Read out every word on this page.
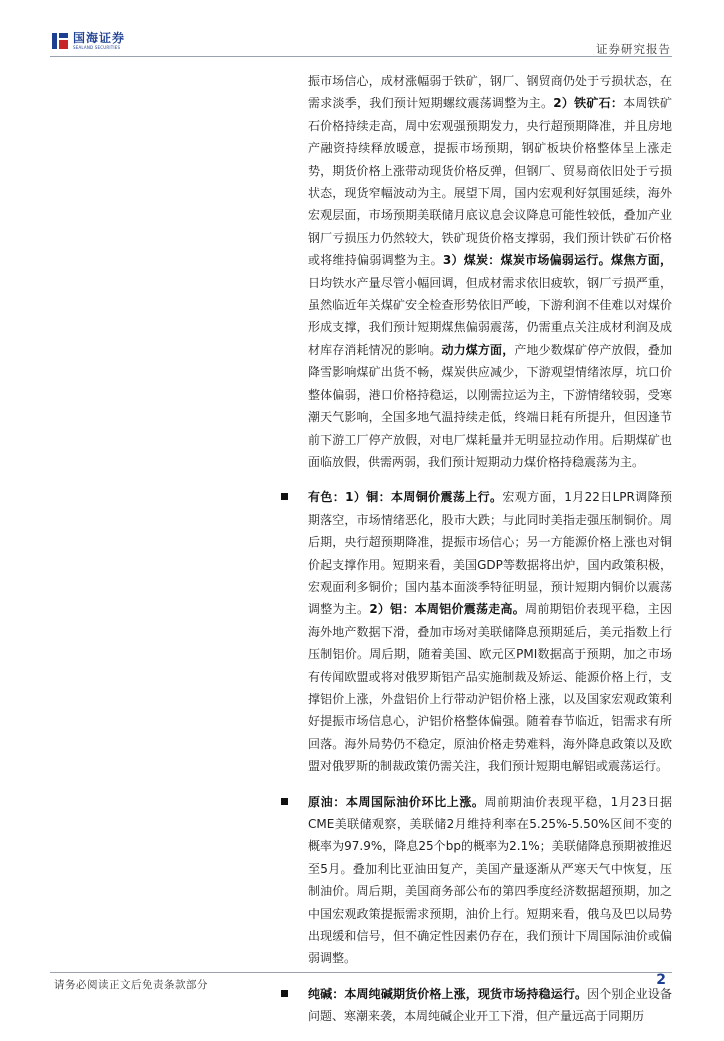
国海证券
SEALAND SECURITIES	证券研究报告
振市场信心，成材涨幅弱于铁矿，钢厂、钢贸商仍处于亏损状态，在需求淡季，我们预计短期螺纹震荡调整为主。2）铁矿石：本周铁矿石价格持续走高，周中宏观强预期发力，央行超预期降准，并且房地产融资持续释放暖意，提振市场预期，钢矿板块价格整体呈上涨走势，期货价格上涨带动现货价格反弹，但钢厂、贸易商依旧处于亏损状态，现货窄幅波动为主。展望下周，国内宏观利好氛围延续，海外宏观层面，市场预期美联储月底议息会议降息可能性较低，叠加产业钢厂亏损压力仍然较大，铁矿现货价格支撑弱，我们预计铁矿石价格或将维持偏弱调整为主。3）煤炭：煤炭市场偏弱运行。煤焦方面，日均铁水产量尽管小幅回调，但成材需求依旧疲软，钢厂亏损严重，虽然临近年关煤矿安全检查形势依旧严峻，下游利润不佳难以对煤价形成支撑，我们预计短期煤焦偏弱震荡，仍需重点关注成材利润及成材库存消耗情况的影响。动力煤方面，产地少数煤矿停产放假，叠加降雪影响煤矿出货不畅，煤炭供应减少，下游观望情绪浓厚，坑口价整体偏弱，港口价格持稳运，以刚需拉运为主，下游情绪较弱，受寒潮天气影响，全国多地气温持续走低，终端日耗有所提升，但因逢节前下游工厂停产放假，对电厂煤耗量并无明显拉动作用。后期煤矿也面临放假，供需两弱，我们预计短期动力煤价格持稳震荡为主。
有色：1）铜：本周铜价震荡上行。宏观方面，1月22日LPR调降预期落空，市场情绪恶化，股市大跌；与此同时美指走强压制铜价。周后期，央行超预期降准，提振市场信心；另一方能源价格上涨也对铜价起支撑作用。短期来看，美国GDP等数据将出炉，国内政策积极，宏观面利多铜价；国内基本面淡季特征明显，预计短期内铜价以震荡调整为主。2）铝：本周铝价震荡走高。周前期铝价表现平稳，主因海外地产数据下滑，叠加市场对美联储降息预期延后，美元指数上行压制铝价。周后期，随着美国、欧元区PMI数据高于预期，加之市场有传闻欧盟或将对俄罗斯铝产品实施制裁及矫运、能源价格上行，支撑铝价上涨，外盘铝价上行带动沪铝价格上涨，以及国家宏观政策利好提振市场信息心，沪铝价格整体偏强。随着春节临近，铝需求有所回落。海外局势仍不稳定，原油价格走势难料，海外降息政策以及欧盟对俄罗斯的制裁政策仍需关注，我们预计短期电解铝或震荡运行。
原油：本周国际油价环比上涨。周前期油价表现平稳，1月23日据CME美联储观察，美联储2月维持利率在5.25%-5.50%区间不变的概率为97.9%，降息25个bp的概率为2.1%；美联储降息预期被推迟至5月。叠加利比亚油田复产，美国产量逐渐从严寒天气中恢复，压制油价。周后期，美国商务部公布的第四季度经济数据超预期，加之中国宏观政策提振需求预期，油价上行。短期来看，俄乌及巴以局势出现缓和信号，但不确定性因素仍存在，我们预计下周国际油价或偏弱调整。
纯碱：本周纯碱期货价格上涨，现货市场持稳运行。因个别企业设备问题、寒潮来袭，本周纯碱企业开工下滑，但产量远高于同期历
请务必阅读正文后免责条款部分	2
